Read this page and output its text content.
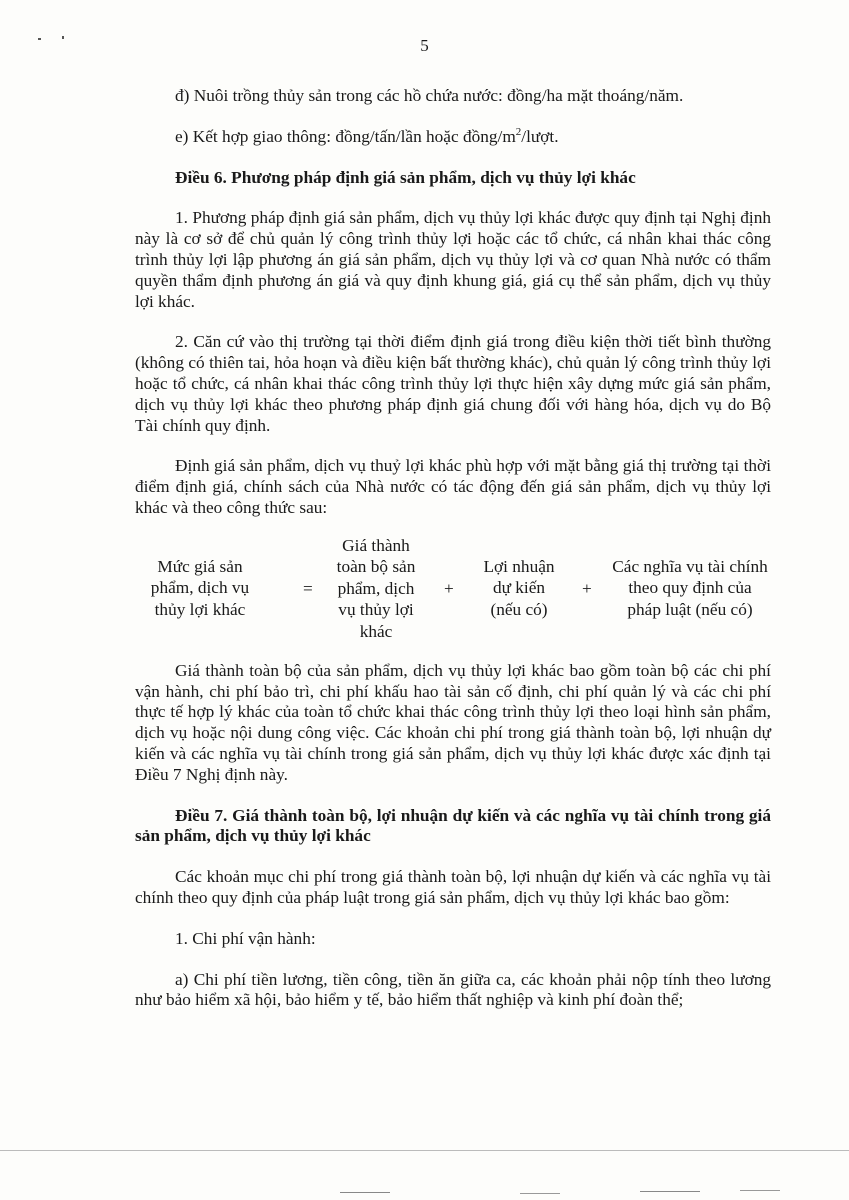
5

đ) Nuôi trồng thủy sản trong các hồ chứa nước: đồng/ha mặt thoáng/năm.

e) Kết hợp giao thông: đồng/tấn/lần hoặc đồng/$m^2$/lượt.

Điều 6. Phương pháp định giá sản phẩm, dịch vụ thủy lợi khác

1. Phương pháp định giá sản phẩm, dịch vụ thủy lợi khác được quy định tại Nghị định này là cơ sở để chủ quản lý công trình thủy lợi hoặc các tổ chức, cá nhân khai thác công trình thủy lợi lập phương án giá sản phẩm, dịch vụ thủy lợi và cơ quan Nhà nước có thẩm quyền thẩm định phương án giá và quy định khung giá, giá cụ thể sản phẩm, dịch vụ thủy lợi khác.

2. Căn cứ vào thị trường tại thời điểm định giá trong điều kiện thời tiết bình thường (không có thiên tai, hỏa hoạn và điều kiện bất thường khác), chủ quản lý công trình thủy lợi hoặc tổ chức, cá nhân khai thác công trình thủy lợi thực hiện xây dựng mức giá sản phẩm, dịch vụ thủy lợi khác theo phương pháp định giá chung đối với hàng hóa, dịch vụ do Bộ Tài chính quy định.

Định giá sản phẩm, dịch vụ thuỷ lợi khác phù hợp với mặt bằng giá thị trường tại thời điểm định giá, chính sách của Nhà nước có tác động đến giá sản phẩm, dịch vụ thủy lợi khác và theo công thức sau:

Mức giá sản
phẩm, dịch vụ
thủy lợi khác
=
Giá thành
toàn bộ sản
phẩm, dịch
vụ thủy lợi
khác
+
Lợi nhuận
dự kiến
(nếu có)
+
Các nghĩa vụ tài chính
theo quy định của
pháp luật (nếu có)

Giá thành toàn bộ của sản phẩm, dịch vụ thủy lợi khác bao gồm toàn bộ các chi phí vận hành, chi phí bảo trì, chi phí khấu hao tài sản cố định, chi phí quản lý và các chi phí thực tế hợp lý khác của toàn tổ chức khai thác công trình thủy lợi theo loại hình sản phẩm, dịch vụ hoặc nội dung công việc. Các khoản chi phí trong giá thành toàn bộ, lợi nhuận dự kiến và các nghĩa vụ tài chính trong giá sản phẩm, dịch vụ thủy lợi khác được xác định tại Điều 7 Nghị định này.

Điều 7. Giá thành toàn bộ, lợi nhuận dự kiến và các nghĩa vụ tài chính trong giá sản phẩm, dịch vụ thủy lợi khác

Các khoản mục chi phí trong giá thành toàn bộ, lợi nhuận dự kiến và các nghĩa vụ tài chính theo quy định của pháp luật trong giá sản phẩm, dịch vụ thủy lợi khác bao gồm:

1. Chi phí vận hành:

a) Chi phí tiền lương, tiền công, tiền ăn giữa ca, các khoản phải nộp tính theo lương như bảo hiểm xã hội, bảo hiểm y tế, bảo hiểm thất nghiệp và kinh phí đoàn thể;
